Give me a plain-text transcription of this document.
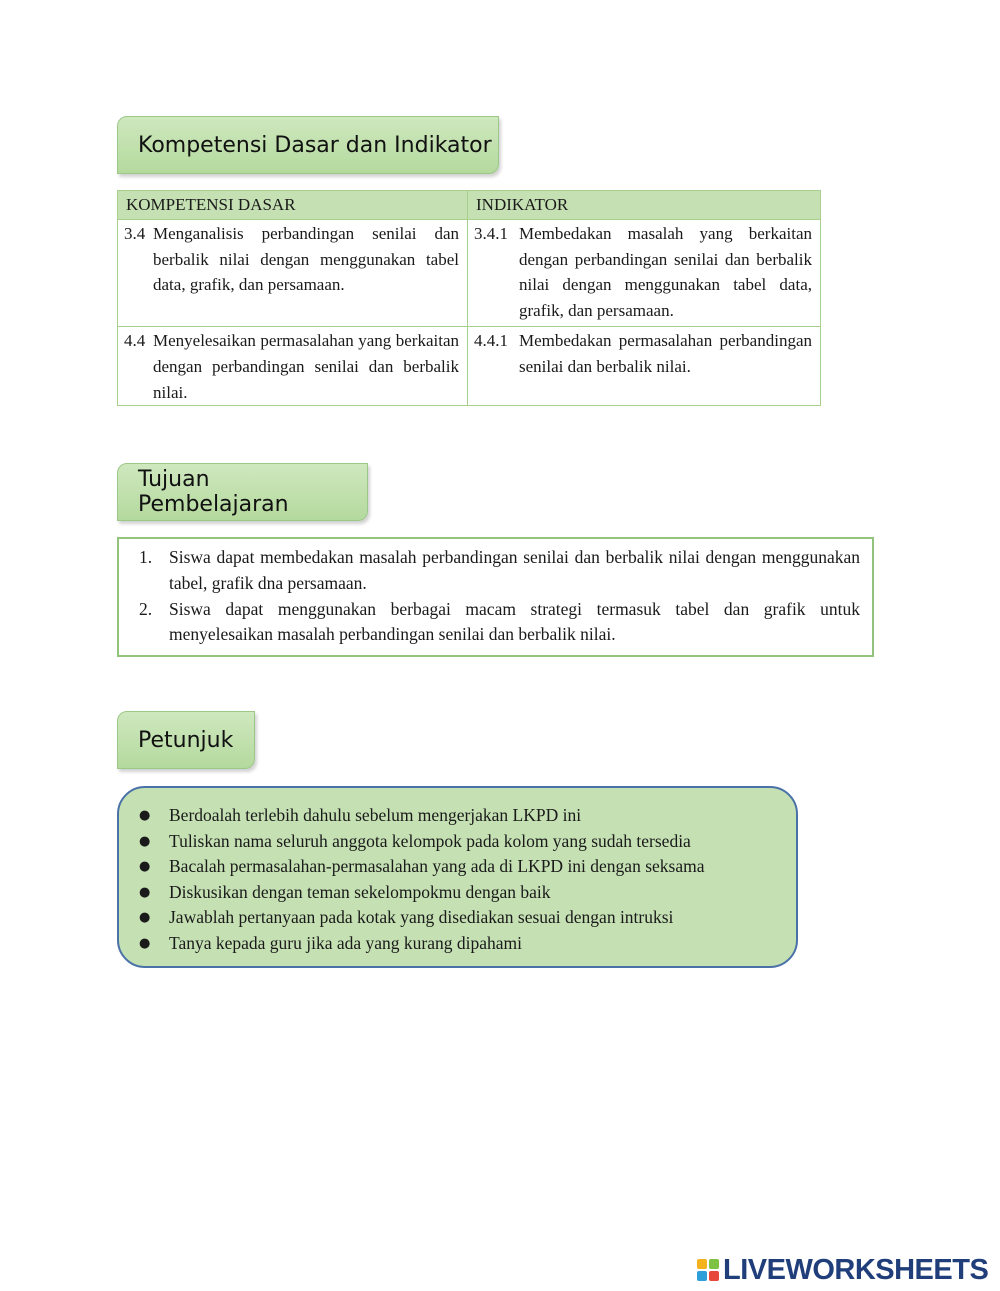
Kompetensi Dasar dan Indikator
KOMPETENSI DASAR	INDIKATOR

3.4 Menganalisis perbandingan senilai dan berbalik nilai dengan menggunakan tabel data, grafik, dan persamaan.	3.4.1 Membedakan masalah yang berkaitan dengan perbandingan senilai dan berbalik nilai dengan menggunakan tabel data, grafik, dan persamaan.

4.4 Menyelesaikan permasalahan yang berkaitan dengan perbandingan senilai dan berbalik nilai.	4.4.1 Membedakan permasalahan perbandingan senilai dan berbalik nilai.
Tujuan Pembelajaran
1. Siswa dapat membedakan masalah perbandingan senilai dan berbalik nilai dengan menggunakan tabel, grafik dna persamaan.
2. Siswa dapat menggunakan berbagai macam strategi termasuk tabel dan grafik untuk menyelesaikan masalah perbandingan senilai dan berbalik nilai.
Petunjuk
●	Berdoalah terlebih dahulu sebelum mengerjakan LKPD ini
●	Tuliskan nama seluruh anggota kelompok pada kolom yang sudah tersedia
●	Bacalah permasalahan-permasalahan yang ada di LKPD ini dengan seksama
●	Diskusikan dengan teman sekelompokmu dengan baik
●	Jawablah pertanyaan pada kotak yang disediakan sesuai dengan intruksi
●	Tanya kepada guru jika ada yang kurang dipahami
LIVEWORKSHEETS
